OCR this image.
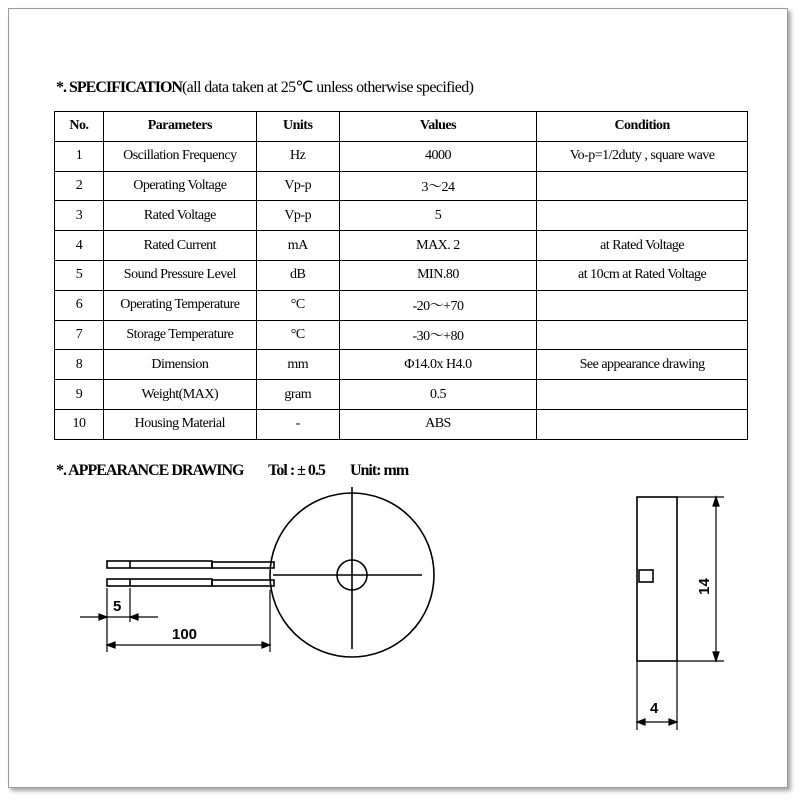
*. SPECIFICATION(all data taken at 25℃ unless otherwise specified)
No.	Parameters	Units	Values	Condition
1	Oscillation Frequency	Hz	4000	Vo-p=1/2duty , square wave
2	Operating Voltage	Vp-p	3～24	
3	Rated Voltage	Vp-p	5	
4	Rated Current	mA	MAX. 2	at Rated Voltage
5	Sound Pressure Level	dB	MIN.80	at 10cm at Rated Voltage
6	Operating Temperature	°C	-20～+70	
7	Storage Temperature	°C	-30～+80	
8	Dimension	mm	Φ14.0x H4.0	See appearance drawing
9	Weight(MAX)	gram	0.5	
10	Housing Material	-	ABS	
*. APPEARANCE DRAWING Tol : ± 0.5 Unit: mm
5
100
14
4
